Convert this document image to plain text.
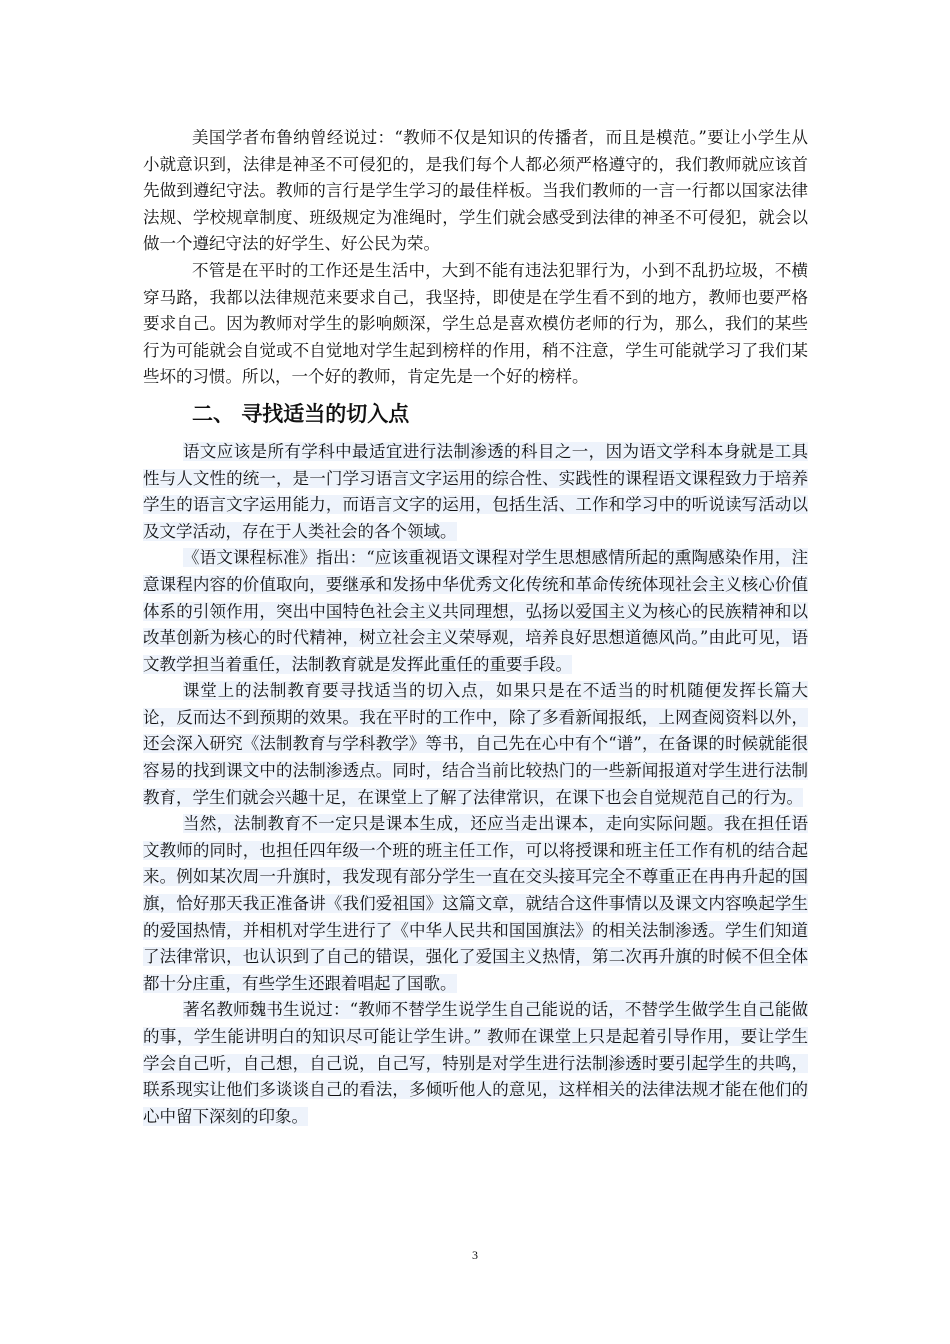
美国学者布鲁纳曾经说过：“教师不仅是知识的传播者，而且是模范。”要让小学生从小就意识到，法律是神圣不可侵犯的，是我们每个人都必须严格遵守的，我们教师就应该首先做到遵纪守法。教师的言行是学生学习的最佳样板。当我们教师的一言一行都以国家法律法规、学校规章制度、班级规定为准绳时，学生们就会感受到法律的神圣不可侵犯，就会以做一个遵纪守法的好学生、好公民为荣。

不管是在平时的工作还是生活中，大到不能有违法犯罪行为，小到不乱扔垃圾，不横穿马路，我都以法律规范来要求自己，我坚持，即使是在学生看不到的地方，教师也要严格要求自己。因为教师对学生的影响颇深，学生总是喜欢模仿老师的行为，那么，我们的某些行为可能就会自觉或不自觉地对学生起到榜样的作用，稍不注意，学生可能就学习了我们某些坏的习惯。所以，一个好的教师，肯定先是一个好的榜样。

二、 寻找适当的切入点

语文应该是所有学科中最适宜进行法制渗透的科目之一，因为语文学科本身就是工具性与人文性的统一，是一门学习语言文字运用的综合性、实践性的课程语文课程致力于培养学生的语言文字运用能力，而语言文字的运用，包括生活、工作和学习中的听说读写活动以及文学活动，存在于人类社会的各个领域。

《语文课程标准》指出：“应该重视语文课程对学生思想感情所起的熏陶感染作用，注意课程内容的价值取向，要继承和发扬中华优秀文化传统和革命传统体现社会主义核心价值体系的引领作用，突出中国特色社会主义共同理想，弘扬以爱国主义为核心的民族精神和以改革创新为核心的时代精神，树立社会主义荣辱观，培养良好思想道德风尚。”由此可见，语文教学担当着重任，法制教育就是发挥此重任的重要手段。

课堂上的法制教育要寻找适当的切入点，如果只是在不适当的时机随便发挥长篇大论，反而达不到预期的效果。我在平时的工作中，除了多看新闻报纸，上网查阅资料以外，还会深入研究《法制教育与学科教学》等书，自己先在心中有个“谱”，在备课的时候就能很容易的找到课文中的法制渗透点。同时，结合当前比较热门的一些新闻报道对学生进行法制教育，学生们就会兴趣十足，在课堂上了解了法律常识，在课下也会自觉规范自己的行为。

当然，法制教育不一定只是课本生成，还应当走出课本，走向实际问题。我在担任语文教师的同时，也担任四年级一个班的班主任工作，可以将授课和班主任工作有机的结合起来。例如某次周一升旗时，我发现有部分学生一直在交头接耳完全不尊重正在冉冉升起的国旗，恰好那天我正准备讲《我们爱祖国》这篇文章，就结合这件事情以及课文内容唤起学生的爱国热情，并相机对学生进行了《中华人民共和国国旗法》的相关法制渗透。学生们知道了法律常识，也认识到了自己的错误，强化了爱国主义热情，第二次再升旗的时候不但全体都十分庄重，有些学生还跟着唱起了国歌。

著名教师魏书生说过：“教师不替学生说学生自己能说的话，不替学生做学生自己能做的事，学生能讲明白的知识尽可能让学生讲。” 教师在课堂上只是起着引导作用，要让学生学会自己听，自己想，自己说，自己写，特别是对学生进行法制渗透时要引起学生的共鸣，联系现实让他们多谈谈自己的看法，多倾听他人的意见，这样相关的法律法规才能在他们的心中留下深刻的印象。

3
